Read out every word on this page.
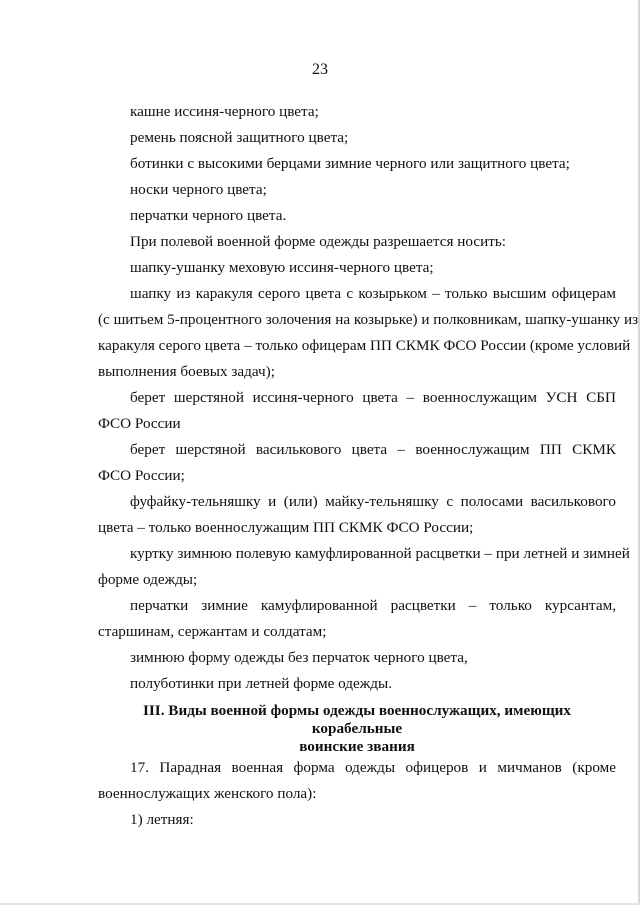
23
кашне иссиня-черного цвета;
ремень поясной защитного цвета;
ботинки с высокими берцами зимние черного или защитного цвета;
носки черного цвета;
перчатки черного цвета.
При полевой военной форме одежды разрешается носить:
шапку-ушанку меховую иссиня-черного цвета;
шапку из каракуля серого цвета с козырьком – только высшим офицерам
(с шитьем 5-процентного золочения на козырьке) и полковникам, шапку-ушанку из
каракуля серого цвета – только офицерам ПП СКМК ФСО России (кроме условий
выполнения боевых задач);
берет шерстяной иссиня-черного цвета – военнослужащим УСН СБП
ФСО России
берет шерстяной василькового цвета – военнослужащим ПП СКМК
ФСО России;
фуфайку-тельняшку и (или) майку-тельняшку с полосами василькового
цвета – только военнослужащим ПП СКМК ФСО России;
куртку зимнюю полевую камуфлированной расцветки – при летней и зимней
форме одежды;
перчатки зимние камуфлированной расцветки – только курсантам,
старшинам, сержантам и солдатам;
зимнюю форму одежды без перчаток черного цвета,
полуботинки при летней форме одежды.
III. Виды военной формы одежды военнослужащих, имеющих корабельные
воинские звания
17. Парадная военная форма одежды офицеров и мичманов (кроме
военнослужащих женского пола):
1) летняя:
